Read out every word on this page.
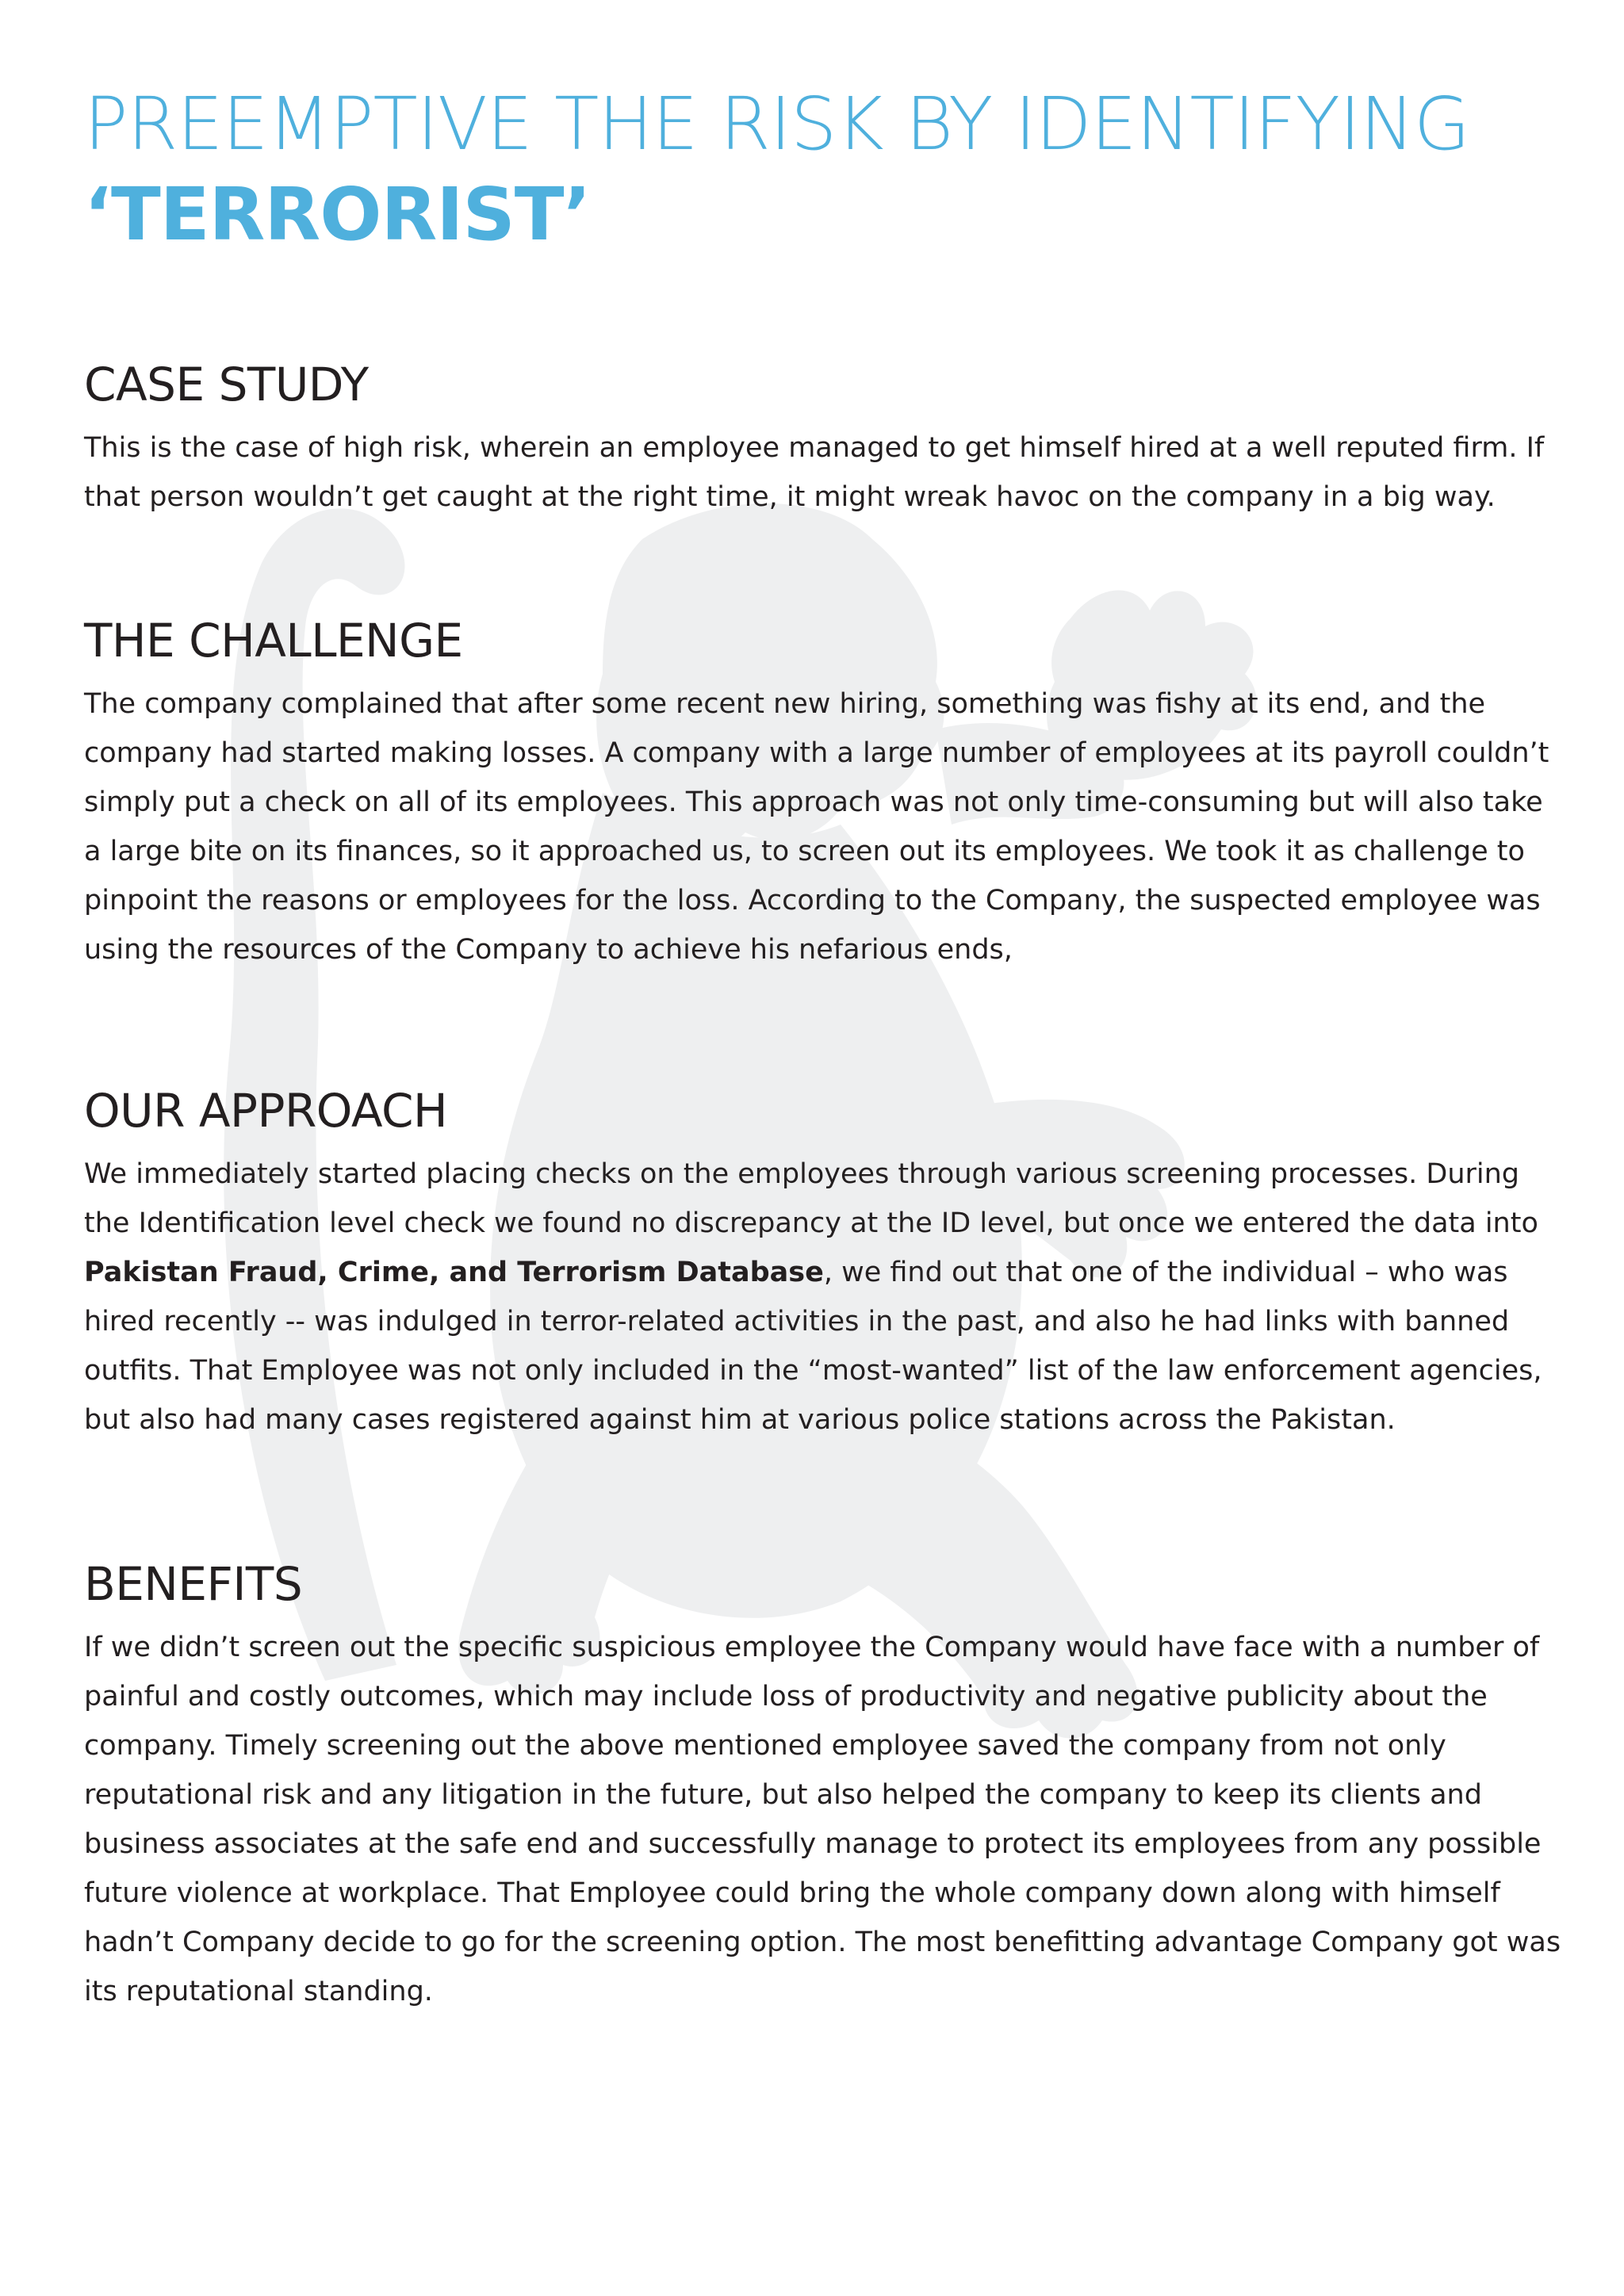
PREEMPTIVE THE RISK BY IDENTIFYING
‘TERRORIST’
CASE STUDY

This is the case of high risk, wherein an employee managed to get himself hired at a well reputed firm. If that person wouldn’t get caught at the right time, it might wreak havoc on the company in a big way.

THE CHALLENGE

The company complained that after some recent new hiring, something was fishy at its end, and the company had started making losses. A company with a large number of employees at its payroll couldn’t simply put a check on all of its employees. This approach was not only time-consuming but will also take a large bite on its finances, so it approached us, to screen out its employees. We took it as challenge to pinpoint the reasons or employees for the loss. According to the Company, the suspected employee was using the resources of the Company to achieve his nefarious ends,

OUR APPROACH

We immediately started placing checks on the employees through various screening processes. During the Identification level check we found no discrepancy at the ID level, but once we entered the data into Pakistan Fraud, Crime, and Terrorism Database, we find out that one of the individual – who was hired recently -- was indulged in terror-related activities in the past, and also he had links with banned outfits. That Employee was not only included in the “most-wanted” list of the law enforcement agencies, but also had many cases registered against him at various police stations across the Pakistan.

BENEFITS

If we didn’t screen out the specific suspicious employee the Company would have face with a number of painful and costly outcomes, which may include loss of productivity and negative publicity about the company. Timely screening out the above mentioned employee saved the company from not only reputational risk and any litigation in the future, but also helped the company to keep its clients and business associates at the safe end and successfully manage to protect its employees from any possible future violence at workplace. That Employee could bring the whole company down along with himself hadn’t Company decide to go for the screening option. The most benefitting advantage Company got was its reputational standing.
